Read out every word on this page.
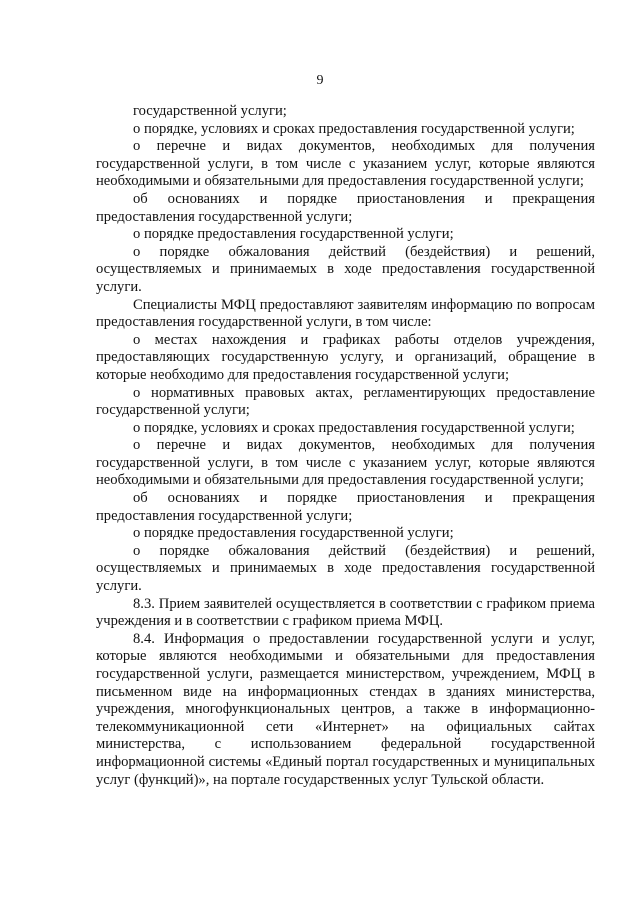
9

государственной услуги;

о порядке, условиях и сроках предоставления государственной услуги;

о перечне и видах документов, необходимых для получения государственной услуги, в том числе с указанием услуг, которые являются необходимыми и обязательными для предоставления государственной услуги;

об основаниях и порядке приостановления и прекращения предоставления государственной услуги;

о порядке предоставления государственной услуги;

о порядке обжалования действий (бездействия) и решений, осуществляемых и принимаемых в ходе предоставления государственной услуги.

Специалисты МФЦ предоставляют заявителям информацию по вопросам предоставления государственной услуги, в том числе:

о местах нахождения и графиках работы отделов учреждения, предоставляющих государственную услугу, и организаций, обращение в которые необходимо для предоставления государственной услуги;

о нормативных правовых актах, регламентирующих предоставление государственной услуги;

о порядке, условиях и сроках предоставления государственной услуги;

о перечне и видах документов, необходимых для получения государственной услуги, в том числе с указанием услуг, которые являются необходимыми и обязательными для предоставления государственной услуги;

об основаниях и порядке приостановления и прекращения предоставления государственной услуги;

о порядке предоставления государственной услуги;

о порядке обжалования действий (бездействия) и решений, осуществляемых и принимаемых в ходе предоставления государственной услуги.

8.3. Прием заявителей осуществляется в соответствии с графиком приема учреждения и в соответствии с графиком приема МФЦ.

8.4. Информация о предоставлении государственной услуги и услуг, которые являются необходимыми и обязательными для предоставления государственной услуги, размещается министерством, учреждением, МФЦ в письменном виде на информационных стендах в зданиях министерства, учреждения, многофункциональных центров, а также в информационно-телекоммуникационной сети «Интернет» на официальных сайтах министерства, с использованием федеральной государственной информационной системы «Единый портал государственных и муниципальных услуг (функций)», на портале государственных услуг Тульской области.
